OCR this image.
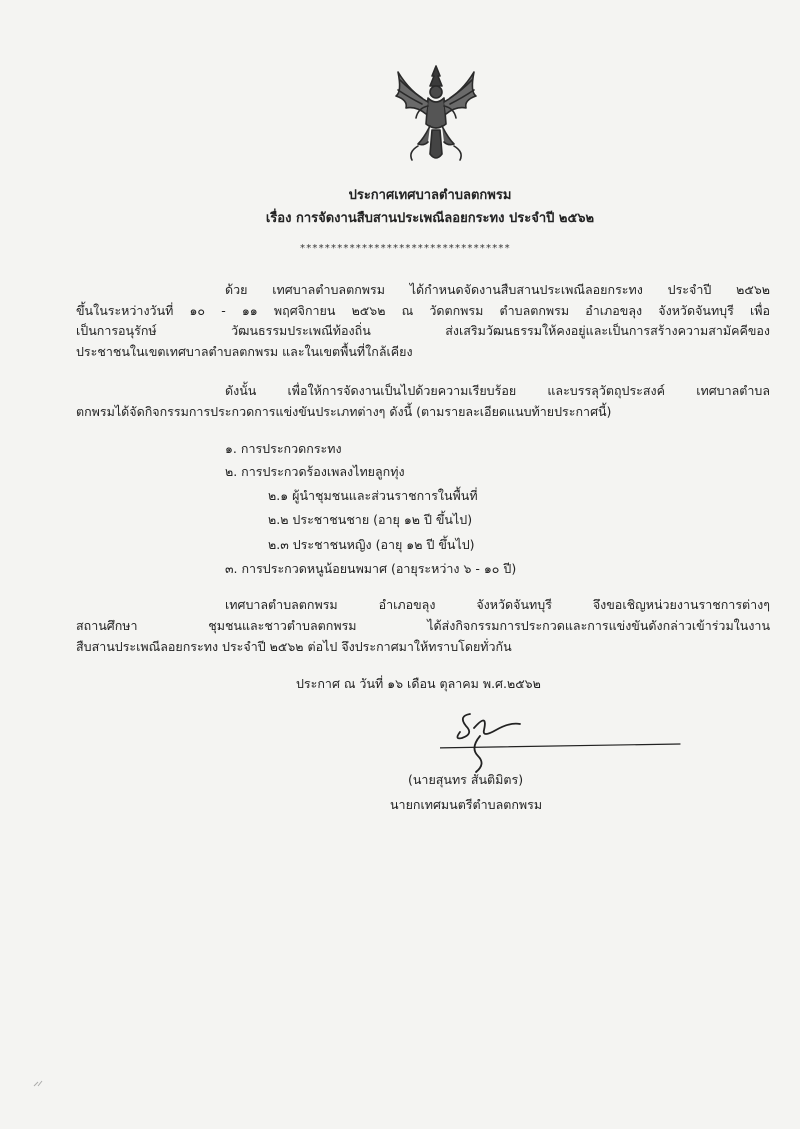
ประกาศเทศบาลตำบลตกพรม
เรื่อง การจัดงานสืบสานประเพณีลอยกระทง ประจำปี ๒๕๖๒
**********************************
ด้วย เทศบาลตำบลตกพรม ได้กำหนดจัดงานสืบสานประเพณีลอยกระทง ประจำปี ๒๕๖๒
ขึ้นในระหว่างวันที่ ๑๐ - ๑๑ พฤศจิกายน ๒๕๖๒ ณ วัดตกพรม ตำบลตกพรม อำเภอขลุง จังหวัดจันทบุรี เพื่อ
เป็นการอนุรักษ์ วัฒนธรรมประเพณีท้องถิ่น ส่งเสริมวัฒนธรรมให้คงอยู่และเป็นการสร้างความสามัคคีของ
ประชาชนในเขตเทศบาลตำบลตกพรม และในเขตพื้นที่ใกล้เคียง
ดังนั้น เพื่อให้การจัดงานเป็นไปด้วยความเรียบร้อย และบรรลุวัตถุประสงค์ เทศบาลตำบล
ตกพรมได้จัดกิจกรรมการประกวดการแข่งขันประเภทต่างๆ ดังนี้ (ตามรายละเอียดแนบท้ายประกาศนี้)
๑. การประกวดกระทง
๒. การประกวดร้องเพลงไทยลูกทุ่ง
๒.๑ ผู้นำชุมชนและส่วนราชการในพื้นที่
๒.๒ ประชาชนชาย (อายุ ๑๒ ปี ขึ้นไป)
๒.๓ ประชาชนหญิง (อายุ ๑๒ ปี ขึ้นไป)
๓. การประกวดหนูน้อยนพมาศ (อายุระหว่าง ๖ - ๑๐ ปี)
เทศบาลตำบลตกพรม อำเภอขลุง จังหวัดจันทบุรี จึงขอเชิญหน่วยงานราชการต่างๆ
สถานศึกษา ชุมชนและชาวตำบลตกพรม ได้ส่งกิจกรรมการประกวดและการแข่งขันดังกล่าวเข้าร่วมในงาน
สืบสานประเพณีลอยกระทง ประจำปี ๒๕๖๒ ต่อไป จึงประกาศมาให้ทราบโดยทั่วกัน
ประกาศ ณ วันที่ ๑๖ เดือน ตุลาคม พ.ศ.๒๕๖๒
(นายสุนทร สันติมิตร)
นายกเทศมนตรีตำบลตกพรม
